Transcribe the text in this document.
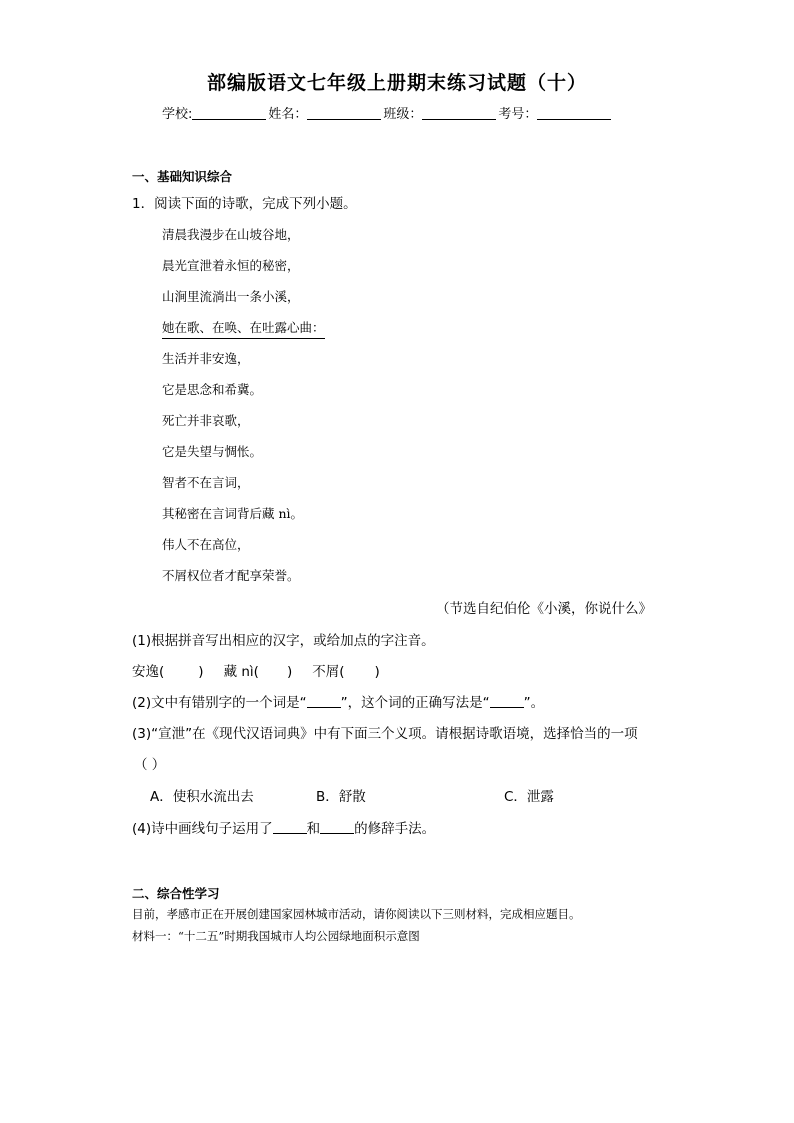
部编版语文七年级上册期末练习试题（十）
学校:	姓名：	班级：	考号：
一、基础知识综合
1．阅读下面的诗歌，完成下列小题。
清晨我漫步在山坡谷地，
晨光宣泄着永恒的秘密，
山涧里流淌出一条小溪，
她在歌、在唤、在吐露心曲：
生活并非安逸，
它是思念和希冀。
死亡并非哀歌，
它是失望与惆怅。
智者不在言词，
其秘密在言词背后藏 nì。
伟人不在高位，
不屑权位者才配享荣誉。
（节选自纪伯伦《小溪，你说什么》
(1)根据拼音写出相应的汉字，或给加点的字注音。
安逸(	) 藏 nì( ) 不屑( )
(2)文中有错别字的一个词是“	”，这个词的正确写法是“	”。
(3)“宣泄”在《现代汉语词典》中有下面三个义项。请根据诗歌语境，选择恰当的一项
（ ）
A．使积水流出去	B．舒散	C．泄露
(4)诗中画线句子运用了	和	的修辞手法。
二、综合性学习
目前，孝感市正在开展创建国家园林城市活动，请你阅读以下三则材料，完成相应题目。
材料一：“十二五”时期我国城市人均公园绿地面积示意图
